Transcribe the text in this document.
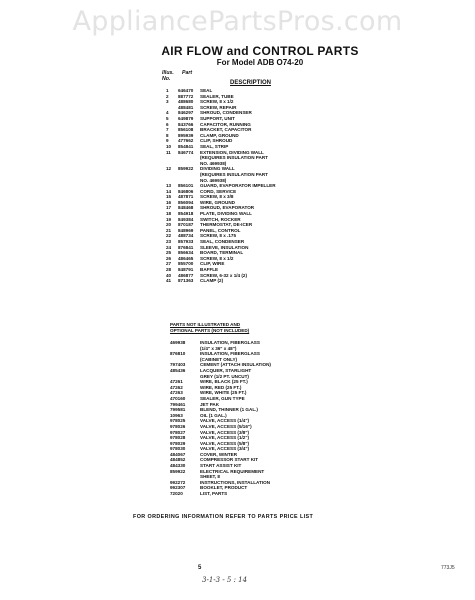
AppliancePartsPros.com
AIR FLOW and CONTROL PARTS
For Model ADB O74-20
Illus. Part
No.
DESCRIPTION
1	646470	SEAL
2	887772	SEALER, TUBE
3	488680	SCREW, 8 x 1/2
488481	SCREW, REPAIR
4	846297	SHROUD, CONDENSER
5	649879	SUPPORT, UNIT
6	843766	CAPACITOR, RUNNING
7	856108	BRACKET, CAPACITOR
8	895939	CLAMP, GROUND
9	477662	CLIP, SHROUD
10	854841	SEAL, STRIP
11	846774	EXTENSION, DIVIDING WALL
(REQUIRES INSULATION PART
NO. 469938)
12	859922	DIVIDING WALL
(REQUIRES INSULATION PART
NO. 469938)
13	856101	GUARD, EVAPORATOR IMPELLER
14	846806	CORD, SERVICE
15	487871	SCREW, 8 x 3/8
16	856094	WIRE, GROUND
17	848468	SHROUD, EVAPORATOR
18	854918	PLATE, DIVIDING WALL
19	849384	SWITCH, ROCKER
20	870187	THERMOSTAT, DE-ICER
21	848969	PANEL, CONTROL
22	488734	SCREW, 8 x .175
23	857933	SEAL, CONDENSER
24	876841	SLEEVE, INSULATION
25	856634	BOARD, TERMINAL
26	486465	SCREW, 8 x 1/2
27	855700	CLIP, WIRE
28	848791	BAFFLE
40	486877	SCREW, 6-32 x 1/4 (2)
41	871363	CLAMP (2)
PARTS NOT ILLUSTRATED AND
OPTIONAL PARTS (NOT INCLUDED)
469938	INSULATION, FIBERGLASS
(1/4" x 36" x 48")
876810	INSULATION, FIBERGLASS
(CABINET ONLY)
797403	CEMENT (ATTACH INSULATION)
485436	LACQUER, STARLIGHT
GREY (1/2 PT. UNCUT)
47261	WIRE, BLACK (25 FT.)
47262	WIRE, RED (25 FT.)
47263	WIRE, WHITE (25 FT.)
470160	SEALER, GUN TYPE
799461	JET PAK
799581	BLEND, THINNER (1 GAL.)
10963	OIL (1 GAL.)
978025	VALVE, ACCESS (1/4")
978026	VALVE, ACCESS (5/16")
978027	VALVE, ACCESS (3/8")
978028	VALVE, ACCESS (1/2")
978029	VALVE, ACCESS (5/8")
978030	VALVE, ACCESS (3/4")
484067	COVER, WINTER
484852	COMPRESSOR START KIT
484330	START ASSIST KIT
859922	ELECTRICAL REQUIREMENT
SHEET, 8
992272	INSTRUCTIONS, INSTALLATION
992307	BOOKLET, PRODUCT
72020	LIST, PARTS
FOR ORDERING INFORMATION REFER TO PARTS PRICE LIST
5
3-1-3 - 5 : 14
773J5
